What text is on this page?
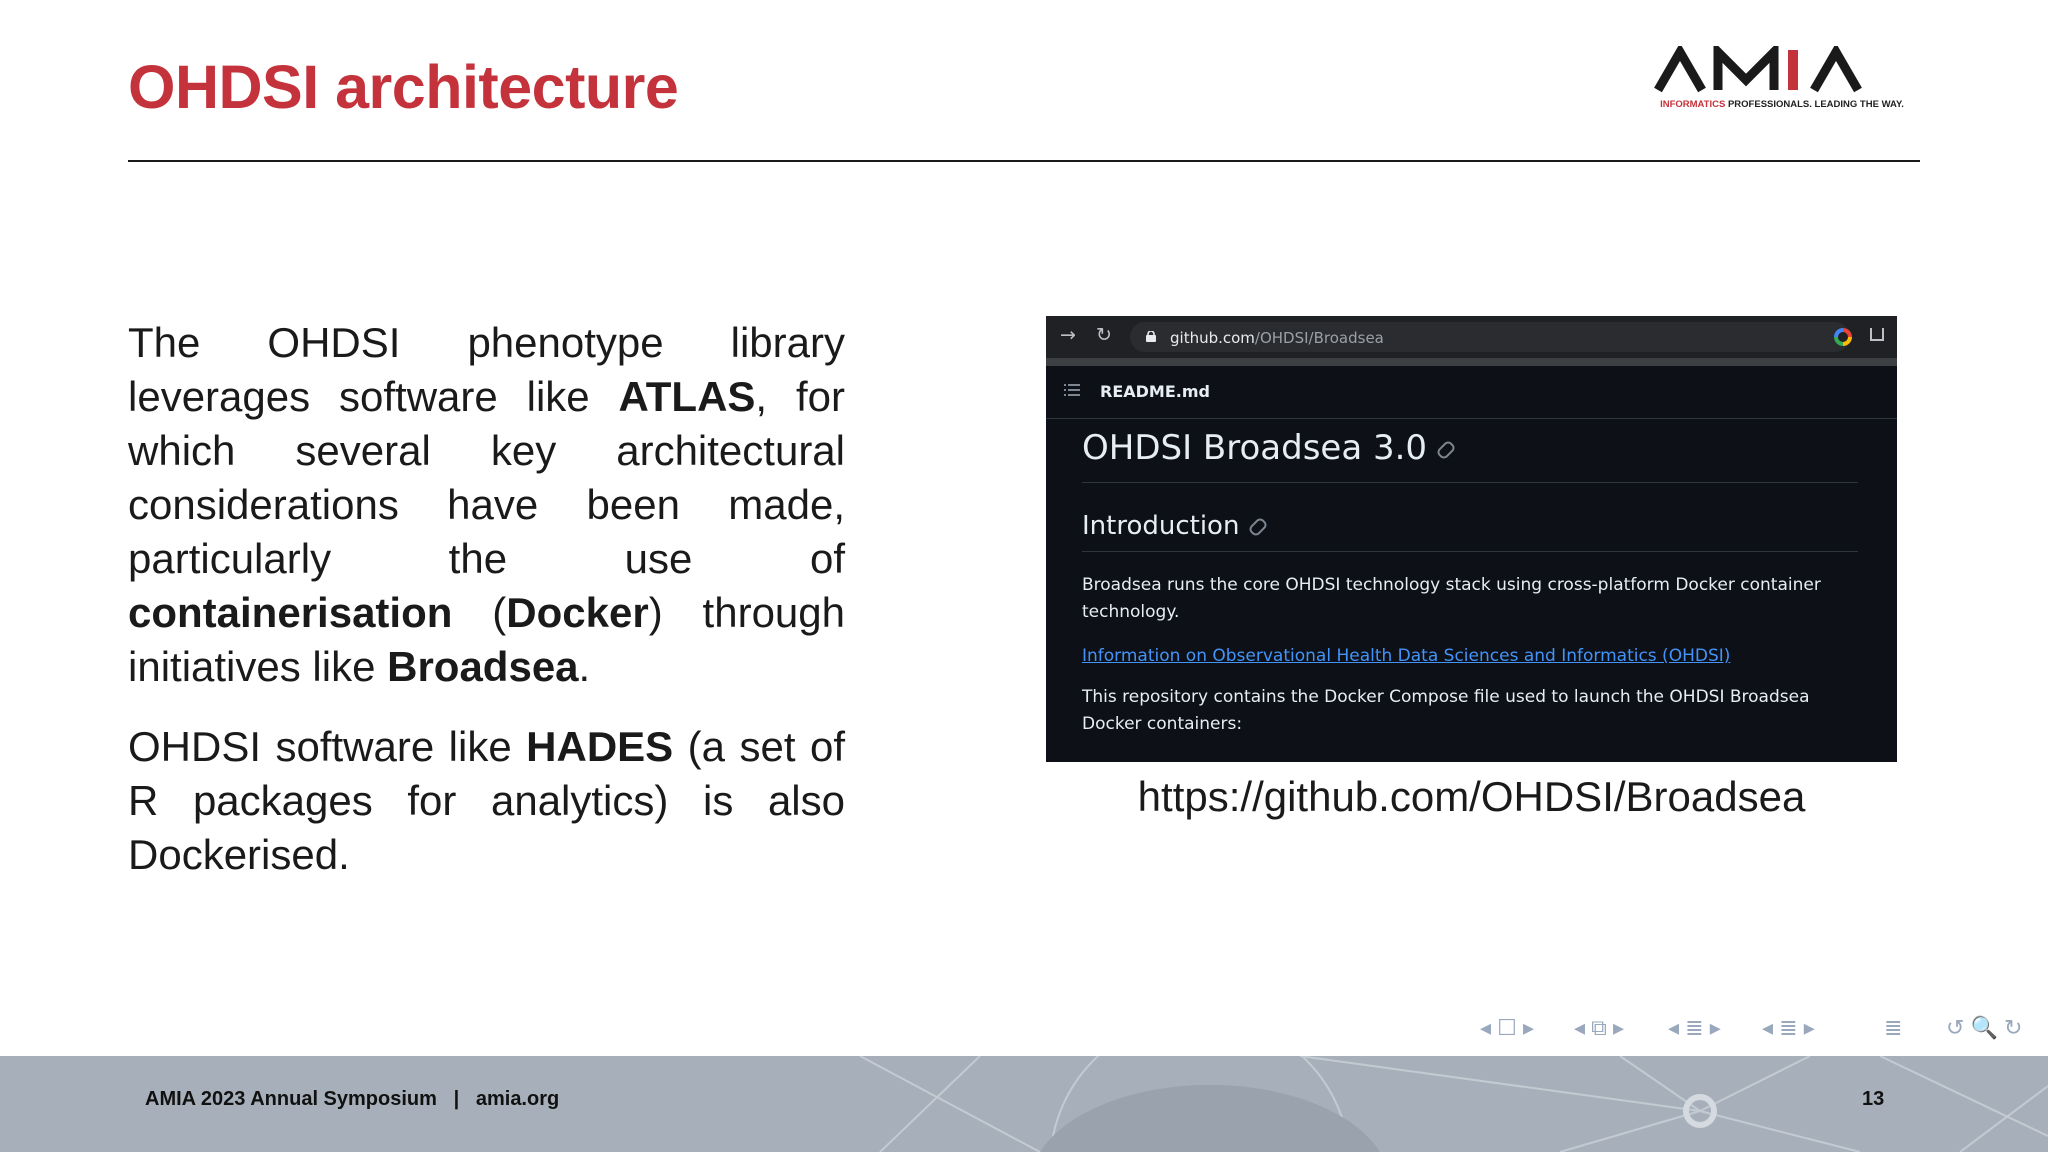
OHDSI architecture	INFORMATICS PROFESSIONALS. LEADING THE WAY.

The OHDSI phenotype library leverages software like ATLAS, for which several key architectural considerations have been made, particularly the use of containerisation (Docker) through initiatives like Broadsea.

OHDSI software like HADES (a set of R packages for analytics) is also Dockerised.

→ ↻	github.com/OHDSI/Broadsea
README.md
OHDSI Broadsea 3.0
Introduction

Broadsea runs the core OHDSI technology stack using cross-platform Docker container technology.

Information on Observational Health Data Sciences and Informatics (OHDSI)

This repository contains the Docker Compose file used to launch the OHDSI Broadsea Docker containers:

https://github.com/OHDSI/Broadsea
◂ ☐ ▸ ◂ ⧉ ▸ ◂ ≣ ▸ ◂ ≣ ▸	≣ ↺ 🔍 ↻
AMIA 2023 Annual Symposium   |   amia.org	13
